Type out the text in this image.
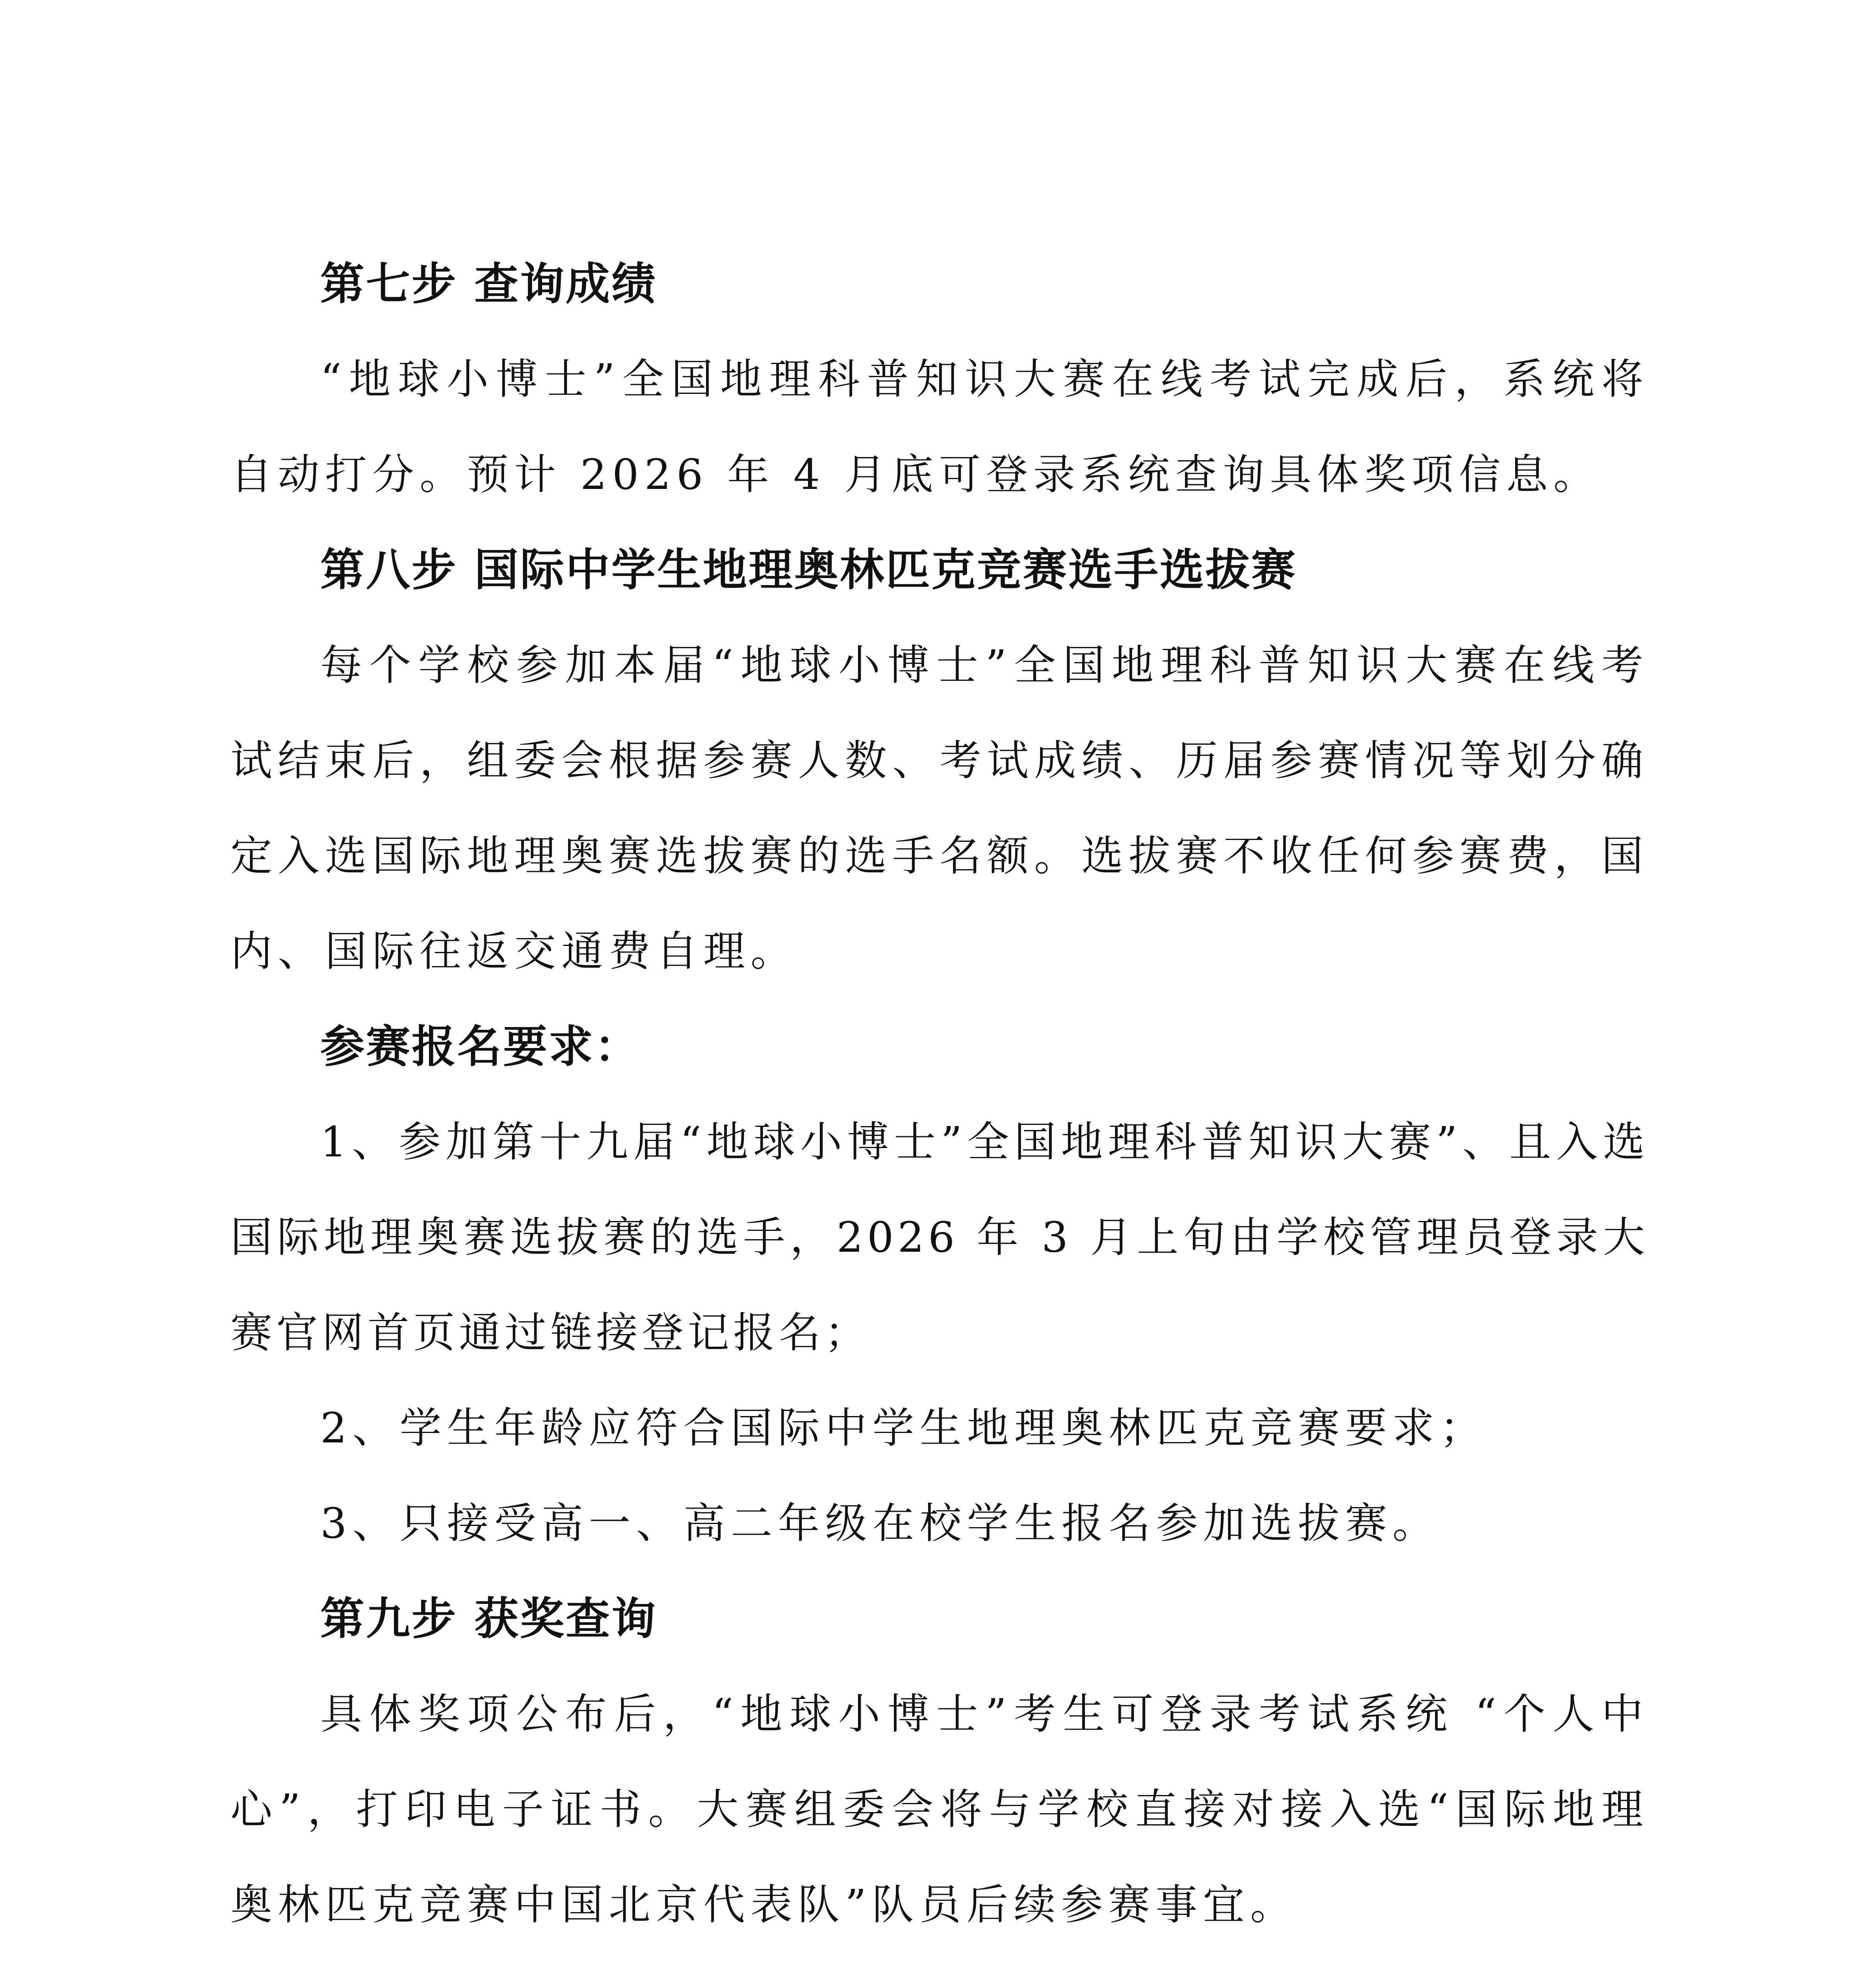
第七步 查询成绩

“地球小博士”全国地理科普知识大赛在线考试完成后，系统将自动打分。预计 2026 年 4 月底可登录系统查询具体奖项信息。

第八步 国际中学生地理奥林匹克竞赛选手选拔赛

每个学校参加本届“地球小博士”全国地理科普知识大赛在线考试结束后，组委会根据参赛人数、考试成绩、历届参赛情况等划分确定入选国际地理奥赛选拔赛的选手名额。选拔赛不收任何参赛费，国内、国际往返交通费自理。

参赛报名要求：

1、参加第十九届“地球小博士”全国地理科普知识大赛”、且入选国际地理奥赛选拔赛的选手，2026 年 3 月上旬由学校管理员登录大赛官网首页通过链接登记报名；

2、学生年龄应符合国际中学生地理奥林匹克竞赛要求；

3、只接受高一、高二年级在校学生报名参加选拔赛。

第九步 获奖查询

具体奖项公布后，“地球小博士”考生可登录考试系统 “个人中心”，打印电子证书。大赛组委会将与学校直接对接入选“国际地理奥林匹克竞赛中国北京代表队”队员后续参赛事宜。
